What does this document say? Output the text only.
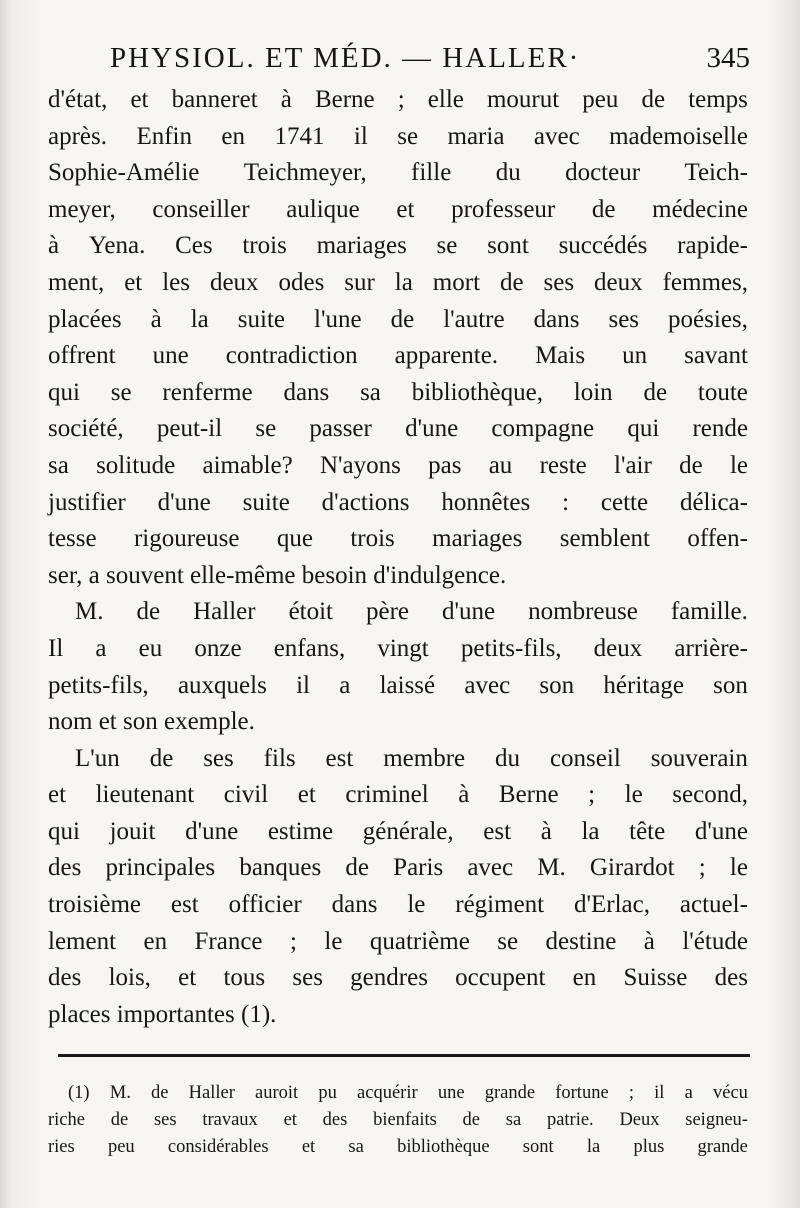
PHYSIOL. ET MÉD. — HALLER·	345
d'état, et banneret à Berne ; elle mourut peu de temps
après. Enfin en 1741 il se maria avec mademoiselle
Sophie-Amélie Teichmeyer, fille du docteur Teich-
meyer, conseiller aulique et professeur de médecine
à Yena. Ces trois mariages se sont succédés rapide-
ment, et les deux odes sur la mort de ses deux femmes,
placées à la suite l'une de l'autre dans ses poésies,
offrent une contradiction apparente. Mais un savant
qui se renferme dans sa bibliothèque, loin de toute
société, peut-il se passer d'une compagne qui rende
sa solitude aimable? N'ayons pas au reste l'air de le
justifier d'une suite d'actions honnêtes : cette délica-
tesse rigoureuse que trois mariages semblent offen-
ser, a souvent elle-même besoin d'indulgence.
M. de Haller étoit père d'une nombreuse famille.
Il a eu onze enfans, vingt petits-fils, deux arrière-
petits-fils, auxquels il a laissé avec son héritage son
nom et son exemple.
L'un de ses fils est membre du conseil souverain
et lieutenant civil et criminel à Berne ; le second,
qui jouit d'une estime générale, est à la tête d'une
des principales banques de Paris avec M. Girardot ; le
troisième est officier dans le régiment d'Erlac, actuel-
lement en France ; le quatrième se destine à l'étude
des lois, et tous ses gendres occupent en Suisse des
places importantes (1).
(1) M. de Haller auroit pu acquérir une grande fortune ; il a vécu
riche de ses travaux et des bienfaits de sa patrie. Deux seigneu-
ries peu considérables et sa bibliothèque sont la plus grande
